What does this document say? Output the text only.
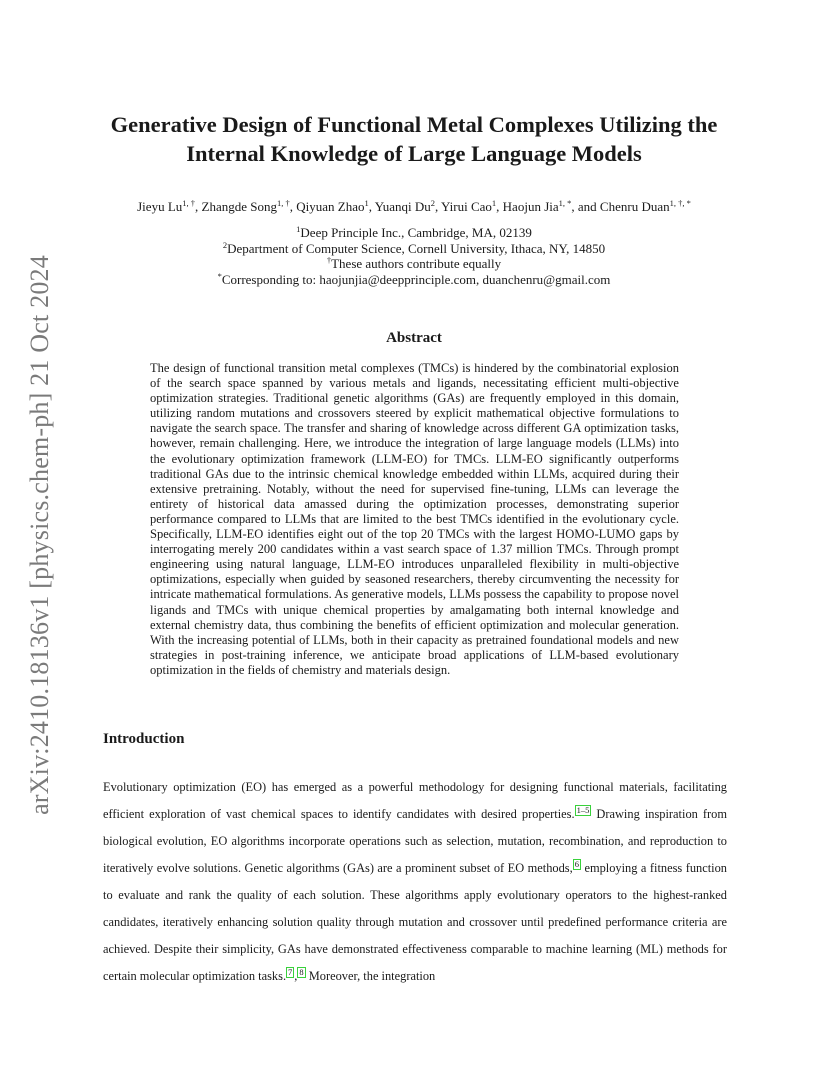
arXiv:2410.18136v1 [physics.chem-ph] 21 Oct 2024
Generative Design of Functional Metal Complexes Utilizing the
Internal Knowledge of Large Language Models
Jieyu $Lu^{1, \dagger}$, Zhangde Song$^{1, \dagger}$, Qiyuan Zhao$^1$, Yuanqi Du$^2$, Yirui Cao$^1$, Haojun Jia$^{1, *}$, and Chenru Duan$^{1, \dagger, *}$
$^1$Deep Principle Inc., Cambridge, MA, 02139
$^2$Department of Computer Science, Cornell University, Ithaca, NY, 14850
†These authors contribute equally
*Corresponding to: haojunjia@deepprinciple.com, duanchenru@gmail.com
Abstract
The design of functional transition metal complexes (TMCs) is hindered by the combinatorial explosion of the search space spanned by various metals and ligands, necessitating efficient multi-objective optimization strategies. Traditional genetic algorithms (GAs) are frequently employed in this domain, utilizing random mutations and crossovers steered by explicit mathematical objective formulations to navigate the search space. The transfer and sharing of knowledge across different GA optimization tasks, however, remain challenging. Here, we introduce the integration of large language models (LLMs) into the evolutionary optimization framework (LLM-EO) for TMCs. LLM-EO significantly outperforms traditional GAs due to the intrinsic chemical knowledge embedded within LLMs, acquired during their extensive pretraining. Notably, without the need for supervised fine-tuning, LLMs can leverage the entirety of historical data amassed during the optimization processes, demonstrating superior performance compared to LLMs that are limited to the best TMCs identified in the evolutionary cycle. Specifically, LLM-EO identifies eight out of the top 20 TMCs with the largest HOMO-LUMO gaps by interrogating merely 200 candidates within a vast search space of 1.37 million TMCs. Through prompt engineering using natural language, LLM-EO introduces unparalleled flexibility in multi-objective optimizations, especially when guided by seasoned researchers, thereby circumventing the necessity for intricate mathematical formulations. As generative models, LLMs possess the capability to propose novel ligands and TMCs with unique chemical properties by amalgamating both internal knowledge and external chemistry data, thus combining the benefits of efficient optimization and molecular generation. With the increasing potential of LLMs, both in their capacity as pretrained foundational models and new strategies in post-training inference, we anticipate broad applications of LLM-based evolutionary optimization in the fields of chemistry and materials design.
Introduction
Evolutionary optimization (EO) has emerged as a powerful methodology for designing functional materials, facilitating efficient exploration of vast chemical spaces to identify candidates with desired properties. 1–5 Drawing inspiration from biological evolution, EO algorithms incorporate operations such as selection, mutation, recombination, and reproduction to iteratively evolve solutions. Genetic algorithms (GAs) are a prominent subset of EO methods, 6 employing a fitness function to evaluate and rank the quality of each solution. These algorithms apply evolutionary operators to the highest-ranked candidates, iteratively enhancing solution quality through mutation and crossover until predefined performance criteria are achieved. Despite their simplicity, GAs have demonstrated effectiveness comparable to machine learning (ML) methods for certain molecular optimization tasks. 7 , 8 Moreover, the integration
